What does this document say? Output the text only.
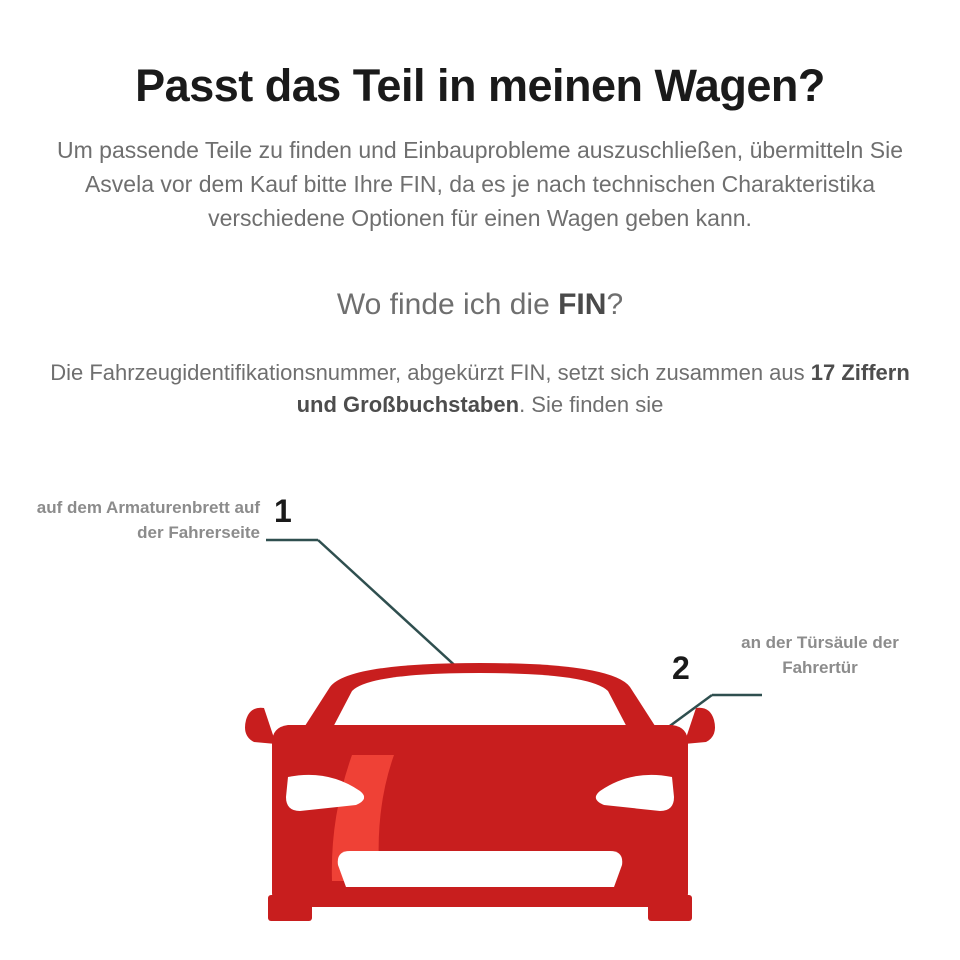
Passt das Teil in meinen Wagen?

Um passende Teile zu finden und Einbauprobleme auszuschließen, übermitteln Sie Asvela vor dem Kauf bitte Ihre FIN, da es je nach technischen Charakteristika verschiedene Optionen für einen Wagen geben kann.

Wo finde ich die FIN?
Die Fahrzeugidentifikationsnummer, abgekürzt FIN, setzt sich zusammen aus 17 Ziffern und Großbuchstaben. Sie finden sie
auf dem Armaturenbrett auf der Fahrerseite
1
an der Türsäule der Fahrertür
2
